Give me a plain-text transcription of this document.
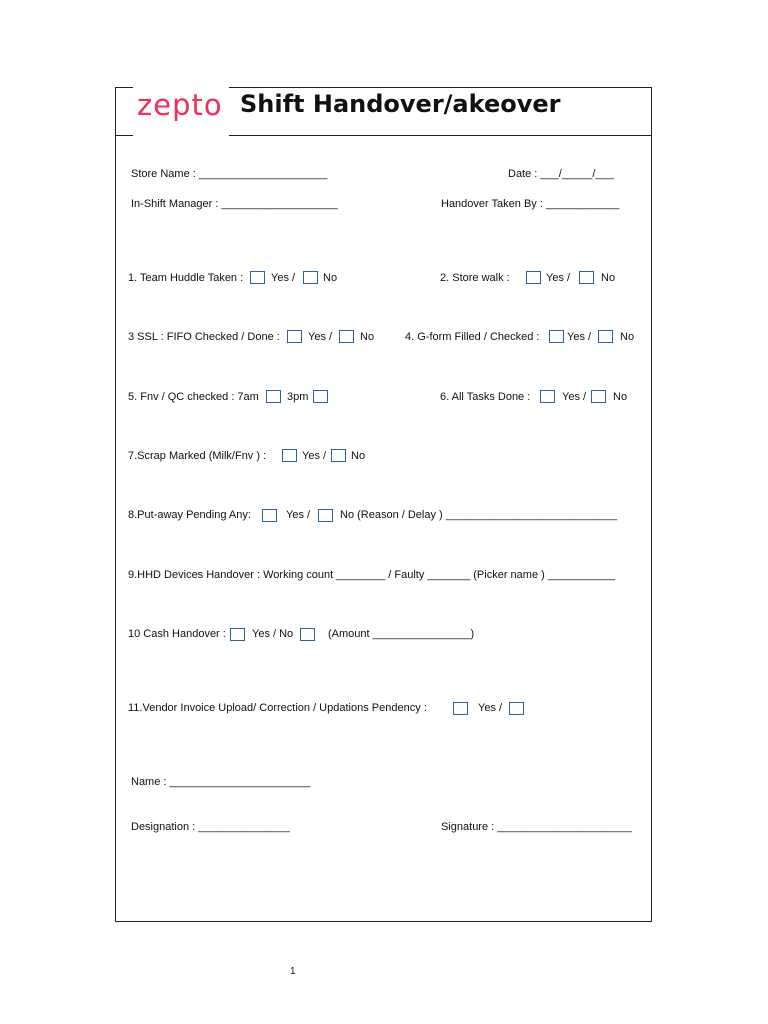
zepto Shift Handover/akeover
Store Name : _____________________	Date : ___/_____/___
In-Shift Manager : ___________________	Handover Taken By : ____________
1. Team Huddle Taken :	Yes /	No	2. Store walk :	Yes /	No
3 SSL : FIFO Checked / Done :	Yes /	No	4. G-form Filled / Checked :	Yes /	No
5. Fnv / QC checked : 7am	3pm	6. All Tasks Done :	Yes / No
7.Scrap Marked (Milk/Fnv ) :	Yes / No
8.Put-away Pending Any:	Yes /	No (Reason / Delay ) ____________________________
9.HHD Devices Handover : Working count ________ / Faulty _______ (Picker name ) ___________
10 Cash Handover : Yes / No	(Amount ________________)
11.Vendor Invoice Upload/ Correction / Updations Pendency :	Yes /
Name : _______________________
Designation : _______________	Signature : ______________________
1
